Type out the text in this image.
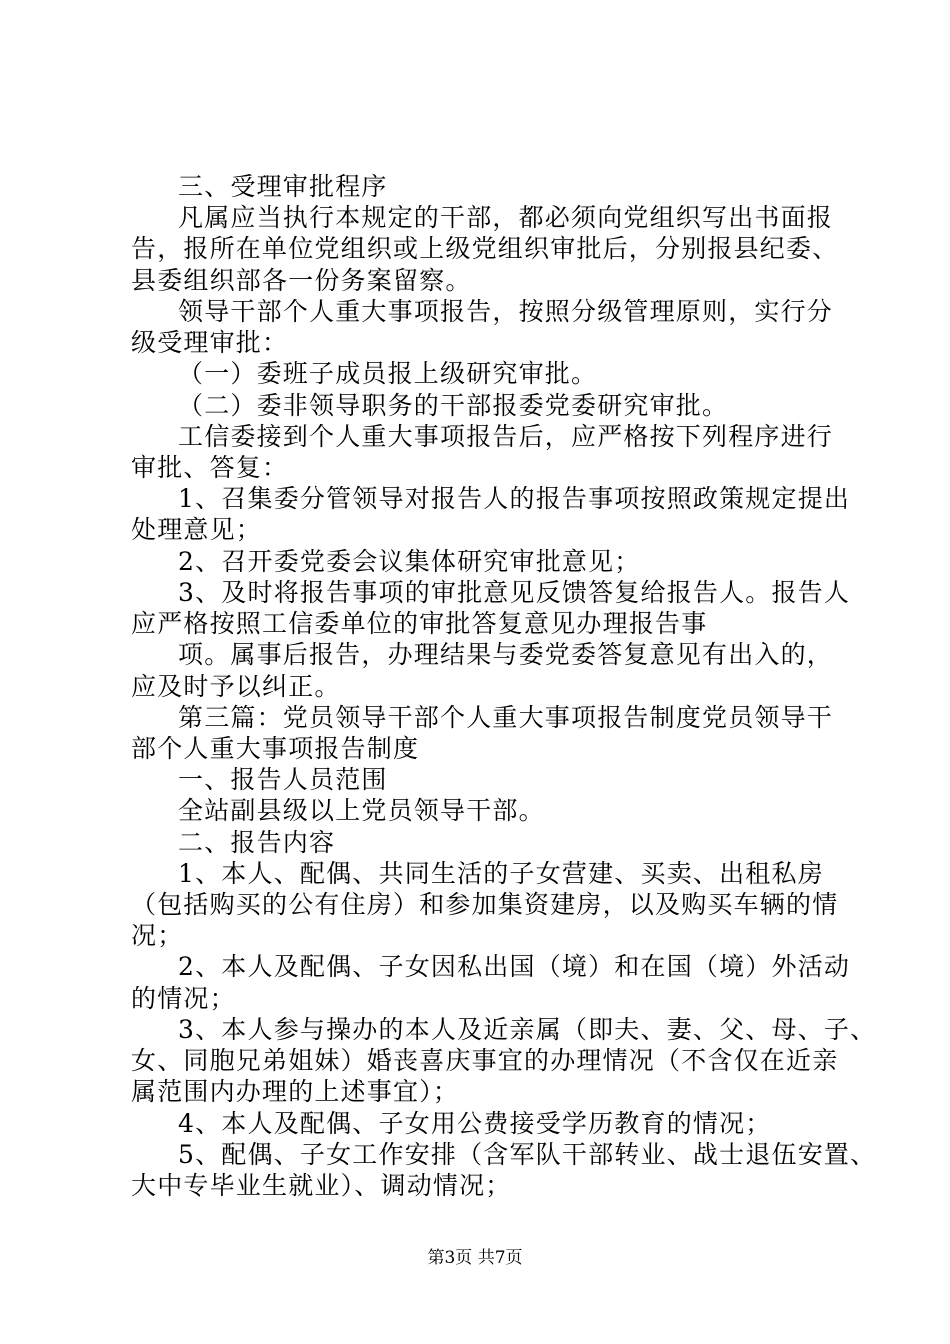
三、受理审批程序
凡属应当执行本规定的干部，都必须向党组织写出书面报
告，报所在单位党组织或上级党组织审批后，分别报县纪委、
县委组织部各一份务案留察。
领导干部个人重大事项报告，按照分级管理原则，实行分
级受理审批：
（一）委班子成员报上级研究审批。
（二）委非领导职务的干部报委党委研究审批。
工信委接到个人重大事项报告后，应严格按下列程序进行
审批、答复：
1、召集委分管领导对报告人的报告事项按照政策规定提出
处理意见；
2、召开委党委会议集体研究审批意见；
3、及时将报告事项的审批意见反馈答复给报告人。报告人
应严格按照工信委单位的审批答复意见办理报告事
项。属事后报告，办理结果与委党委答复意见有出入的，
应及时予以纠正。
第三篇：党员领导干部个人重大事项报告制度党员领导干
部个人重大事项报告制度
一、报告人员范围
全站副县级以上党员领导干部。
二、报告内容
1、本人、配偶、共同生活的子女营建、买卖、出租私房
（包括购买的公有住房）和参加集资建房，以及购买车辆的情
况；
2、本人及配偶、子女因私出国（境）和在国（境）外活动
的情况；
3、本人参与操办的本人及近亲属（即夫、妻、父、母、子、
女、同胞兄弟姐妹）婚丧喜庆事宜的办理情况（不含仅在近亲
属范围内办理的上述事宜）；
4、本人及配偶、子女用公费接受学历教育的情况；
5、配偶、子女工作安排（含军队干部转业、战士退伍安置、
大中专毕业生就业）、调动情况；
第3页 共7页
